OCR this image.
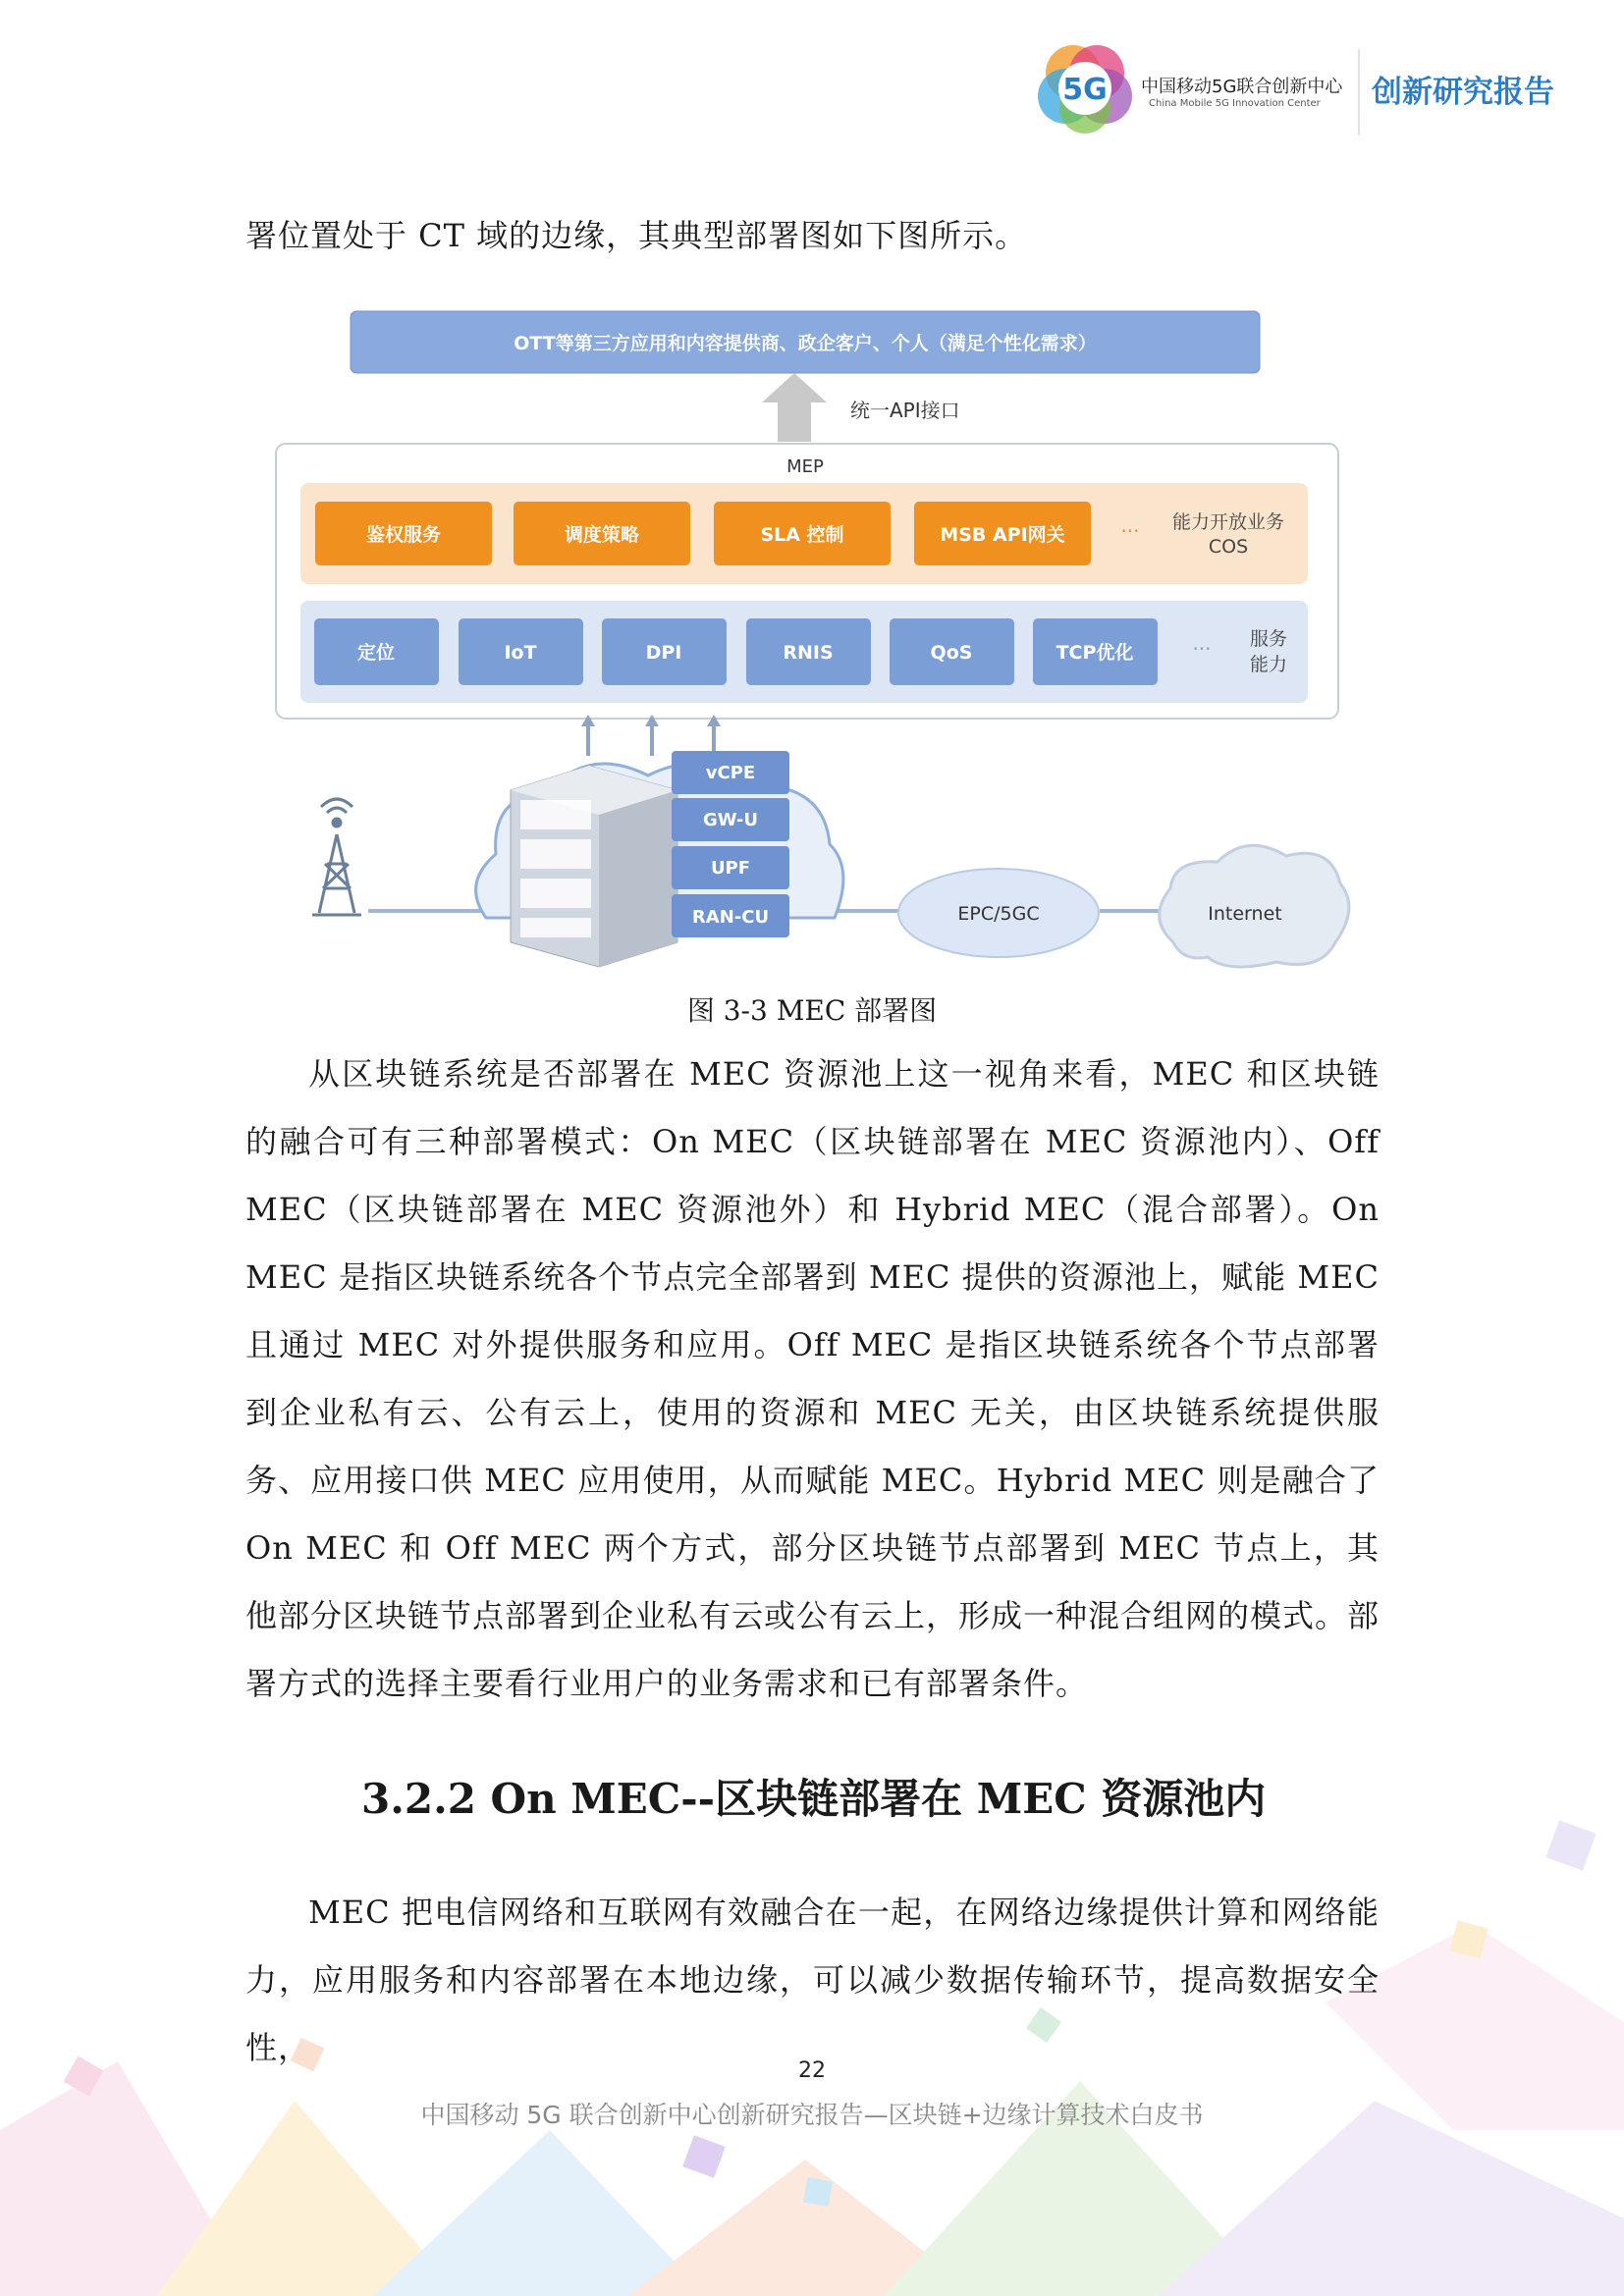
5G 中国移动5G联合创新中心
China Mobile 5G Innovation Center 创新研究报告
署位置处于 CT 域的边缘，其典型部署图如下图所示。
OTT等第三方应用和内容提供商、政企客户、个人（满足个性化需求）
统一API接口
MEP
鉴权服务	调度策略	SLA 控制	MSB API网关	··· 能力开放业务
COS
定位	IoT	DPI	RNIS	QoS	TCP优化	··· 服务
能力
vCPE
GW-U
UPF
RAN-CU	EPC/5GC	Internet
图 3-3 MEC 部署图
从区块链系统是否部署在 MEC 资源池上这一视角来看，MEC 和区块链的融合可有三种部署模式：On MEC（区块链部署在 MEC 资源池内）、Off MEC（区块链部署在 MEC 资源池外）和 Hybrid MEC（混合部署）。On MEC 是指区块链系统各个节点完全部署到 MEC 提供的资源池上，赋能 MEC 且通过 MEC 对外提供服务和应用。Off MEC 是指区块链系统各个节点部署到企业私有云、公有云上，使用的资源和 MEC 无关，由区块链系统提供服务、应用接口供 MEC 应用使用，从而赋能 MEC。Hybrid MEC 则是融合了 On MEC 和 Off MEC 两个方式，部分区块链节点部署到 MEC 节点上，其他部分区块链节点部署到企业私有云或公有云上，形成一种混合组网的模式。部署方式的选择主要看行业用户的业务需求和已有部署条件。
3.2.2 On MEC--区块链部署在 MEC 资源池内
MEC 把电信网络和互联网有效融合在一起，在网络边缘提供计算和网络能力，应用服务和内容部署在本地边缘，可以减少数据传输环节，提高数据安全性，
22
中国移动 5G 联合创新中心创新研究报告—区块链+边缘计算技术白皮书
